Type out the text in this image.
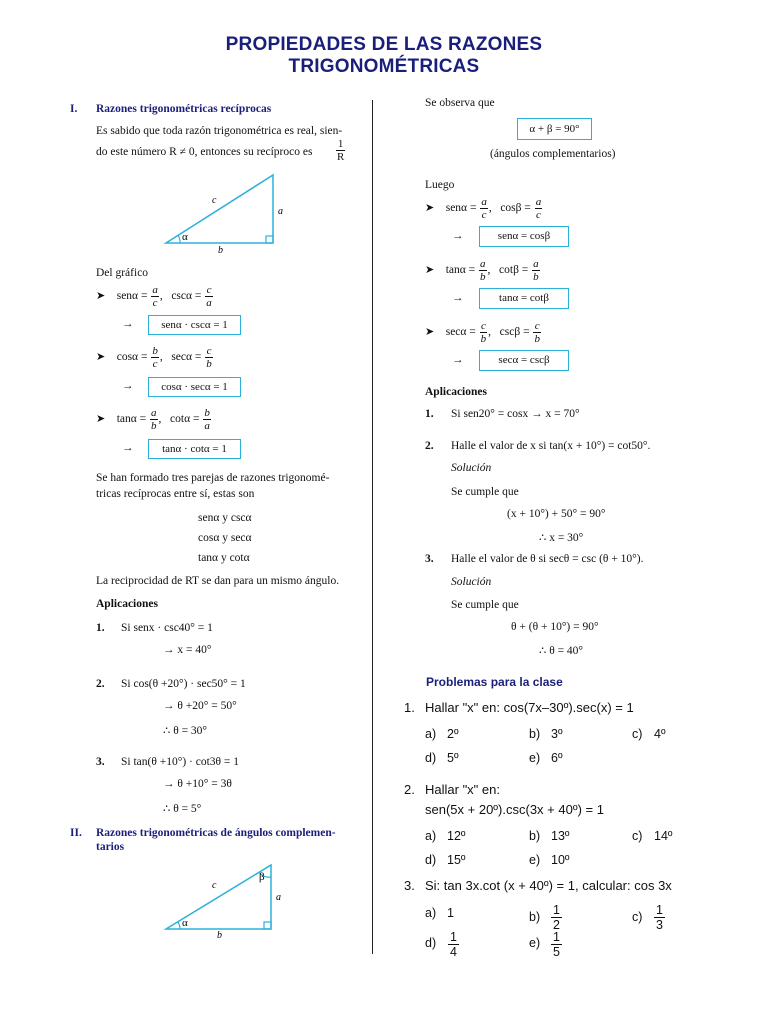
PROPIEDADES DE LAS RAZONES
TRIGONOMÉTRICAS
I. Razones trigonométricas recíprocas
Es sabido que toda razón trigonométrica es real, sien-
do este número R ≠ 0, entonces su recíproco es $\frac{1}{R}$
c
a
b
α
Del gráfico
➤ $sen\alpha = \frac{a}{c}$ , $\csc\alpha = \frac{c}{a}$
→	senα · cscα = 1
➤ $\cos\alpha = \frac{b}{c}$ , $\sec\alpha = \frac{c}{b}$
→	cosα · secα = 1
➤ $\tan\alpha = \frac{a}{b}$ , $\cot\alpha = \frac{b}{a}$
→	tanα · cotα = 1
Se han formado tres parejas de razones trigonomé-
tricas recíprocas entre sí, estas son
senα y cscα
cosα y secα
tanα y cotα
La reciprocidad de RT se dan para un mismo ángulo.
Aplicaciones
1. Si senx · csc40° = 1
→ x = 40°
2. Si cos(θ +20°) · sec50° = 1
→ θ +20° = 50°
∴ θ = 30°
3. Si tan(θ +10°) · cot3θ = 1
→ θ +10° = 3θ
∴ θ = 5°
II. Razones trigonométricas de ángulos complemen-
tarios
c
a
b
α
β
Se observa que
α + β = 90°
(ángulos complementarios)
Luego
➤ $sen\alpha = \frac{a}{c}$ , $\cos\beta = \frac{a}{c}$
→	senα = cosβ
➤ $\tan\alpha = \frac{a}{b}$ , $\cot\beta = \frac{a}{b}$
→	tanα = cotβ
➤ $\sec\alpha = \frac{c}{b}$ , $\csc\beta = \frac{c}{b}$
→	secα = cscβ
Aplicaciones
1. Si sen20° = cosx → x = 70°
2. Halle el valor de x si tan(x + 10°) = cot50°.
Solución
Se cumple que
(x + 10°) + 50° = 90°
∴ x = 30°
3. Halle el valor de θ si secθ = csc (θ + 10°).
Solución
Se cumple que
θ + (θ + 10°) = 90°
∴ θ = 40°
Problemas para la clase
1. Hallar "x" en: cos(7x–30º).sec(x) = 1
a) 2º	b) 3º	c) 4º
d) 5º	e) 6º
2. Hallar "x" en:
sen(5x + 20º).csc(3x + 40º) = 1
a) 12º	b) 13º	c) 14º
d) 15º	e) 10º
3. Si: tan 3x.cot (x + 40º) = 1, calcular: cos 3x
a) 1	$b) \frac{1}{2}$	$c) \frac{1}{3}$
$d) \frac{1}{4}$	$e) \frac{1}{5}$
